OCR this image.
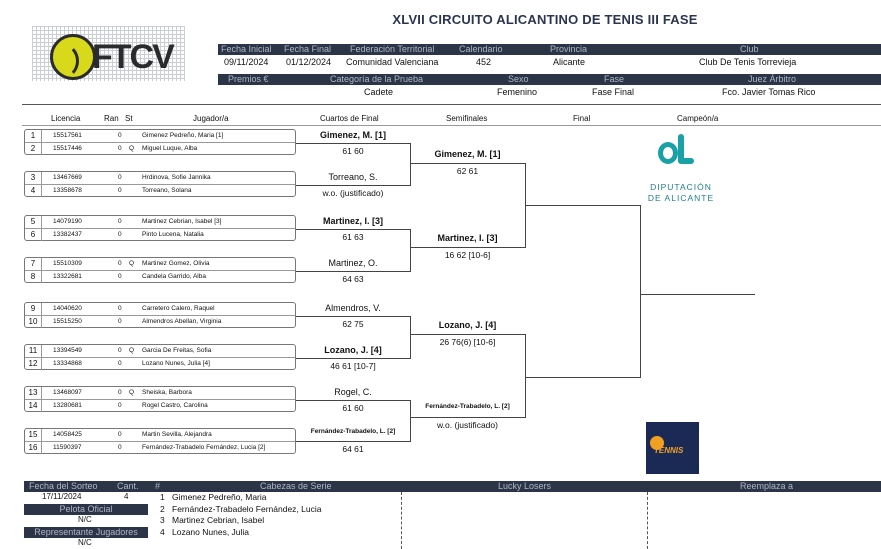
XLVII CIRCUITO ALICANTINO DE TENIS III FASE
FTCV	Fecha Inicial Fecha Final Federación Territorial	Calendario	Provincia	Club
09/11/2024 01/12/2024 Comunidad Valenciana	452	Alicante	Club De Tenis Torrevieja
Premios €	Categoría de la Prueba	Sexo	Fase	Juez Árbitro
Cadete	Femenino	Fase Final	Fco. Javier Tomas Rico
Licencia	Ran St	Jugador/a	Cuartos de Final	Semifinales	Final	Campeón/a
1	15517561	0	Gimenez Pedreño, Maria [1]
2	15517446	0 Q Miguel Luque, Alba
3	13467669	0	Hrdinova, Sofie Jannika
4	13358678	0	Torreano, Solana
5	14079190	0	Martinez Cebrian, Isabel [3]
6	13382437	0	Pinto Lucena, Natalia
7	15510309	0 Q Martinez Gomez, Olivia
8	13322681	0	Candela Garrido, Alba
9	14040620	0	Carretero Calero, Raquel
10	15515250	0	Almendros Abellan, Virginia
11	13394549	0 Q Garcia De Freitas, Sofia
12	13334868	0	Lozano Nunes, Julia [4]
13	13468097	0 Q Sheiska, Barbora
14	13280681	0	Rogel Castro, Carolina
15	14058425	0	Martin Sevilla, Alejandra
16	11590397	0	Fernández-Trabadelo Fernández, Lucia [2]
Gimenez, M. [1]
61 60
Torreano, S.
w.o. (justificado)
Martinez, I. [3]
61 63
Martinez, O.
64 63
Almendros, V.
62 75
Lozano, J. [4]
46 61 [10-7]
Rogel, C.
61 60
Fernández-Trabadelo, L. [2]
64 61
Gimenez, M. [1]
62 61
Martinez, I. [3]
16 62 [10-6]
Lozano, J. [4]
26 76(6) [10-6]
Fernández-Trabadelo, L. [2]
w.o. (justificado)
DIPUTACIÓN
DE ALICANTE
TENNIS
Fecha del Sorteo Cant. #	Cabezas de Serie	Lucky Losers	Reemplaza a
17/11/2024	4
Pelota Oficial
N/C
Representante Jugadores
N/C
1 Gimenez Pedreño, Maria
2 Fernández-Trabadelo Fernández, Lucia
3 Martinez Cebrian, Isabel
4 Lozano Nunes, Julia
